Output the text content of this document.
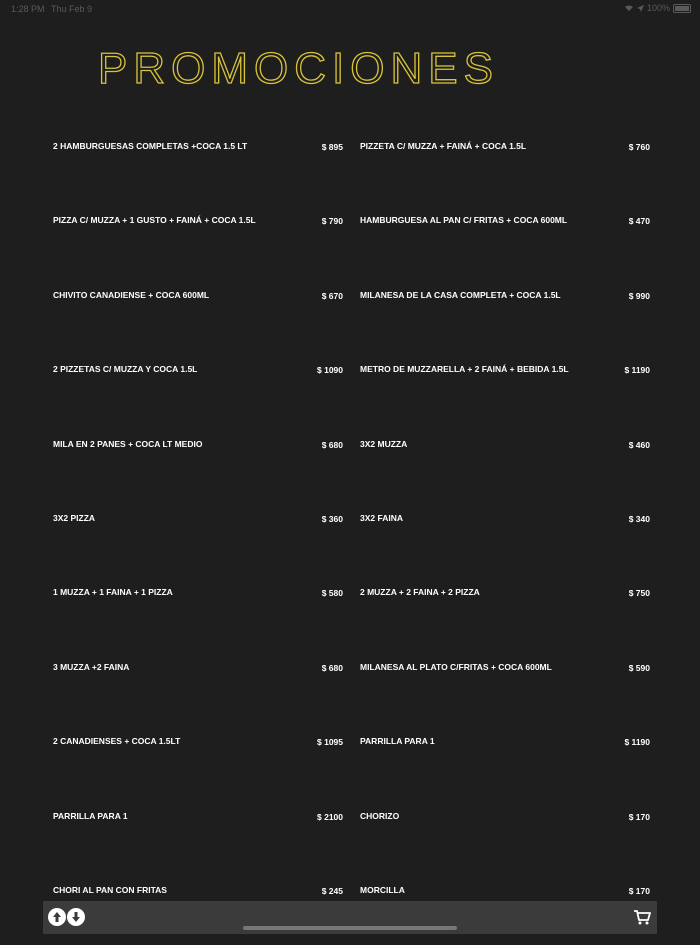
1:28 PM Thu Feb 9	100%
PROMOCIONES
2 HAMBURGUESAS COMPLETAS +COCA 1.5 LT	$ 895 PIZZETA C/ MUZZA + FAINÁ + COCA 1.5L	$ 760
PIZZA C/ MUZZA + 1 GUSTO + FAINÁ + COCA 1.5L	$ 790 HAMBURGUESA AL PAN C/ FRITAS + COCA 600ML	$ 470
CHIVITO CANADIENSE + COCA 600ML	$ 670 MILANESA DE LA CASA COMPLETA + COCA 1.5L	$ 990
2 PIZZETAS C/ MUZZA Y COCA 1.5L	$ 1090 METRO DE MUZZARELLA + 2 FAINÁ + BEBIDA 1.5L	$ 1190
MILA EN 2 PANES + COCA LT MEDIO	$ 680 3X2 MUZZA	$ 460
3X2 PIZZA	$ 360 3X2 FAINA	$ 340
1 MUZZA + 1 FAINA + 1 PIZZA	$ 580 2 MUZZA + 2 FAINA + 2 PIZZA	$ 750
3 MUZZA +2 FAINA	$ 680 MILANESA AL PLATO C/FRITAS + COCA 600ML	$ 590
2 CANADIENSES + COCA 1.5LT	$ 1095 PARRILLA PARA 1	$ 1190
PARRILLA PARA 1	$ 2100 CHORIZO	$ 170
CHORI AL PAN CON FRITAS	$ 245 MORCILLA	$ 170
